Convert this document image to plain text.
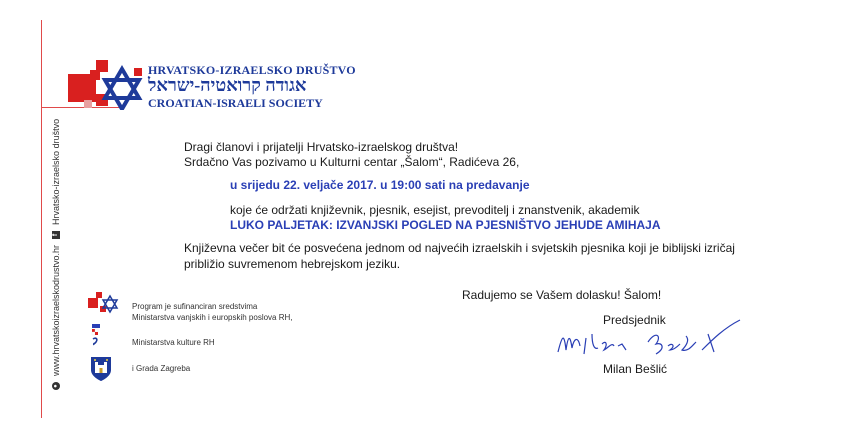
●
www.hrvatskoizraelskodrustvo.hr
f
Hrvatsko-izraelsko društvo
HRVATSKO-IZRAELSKO DRUŠTVO
אגודה קרואטיה-ישראל
CROATIAN-ISRAELI SOCIETY
Dragi članovi i prijatelji Hrvatsko-izraelskog društva!
Srdačno Vas pozivamo u Kulturni centar „Šalom“, Radićeva 26,
u srijedu 22. veljače 2017. u 19:00 sati na predavanje
koje će održati književnik, pjesnik, esejist, prevoditelj i znanstvenik, akademik
LUKO PALJETAK: IZVANJSKI POGLED NA PJESNIŠTVO JEHUDE AMIHAJA
Književna večer bit će posvećena jednom od najvećih izraelskih i svjetskih pjesnika koji je biblijski izričaj
približio suvremenom hebrejskom jeziku.
Radujemo se Vašem dolasku! Šalom!
Predsjednik
Milan Bešlić
Program je sufinanciran sredstvima
Ministarstva vanjskih i europskih poslova RH,
Ministarstva kulture RH
i Grada Zagreba
